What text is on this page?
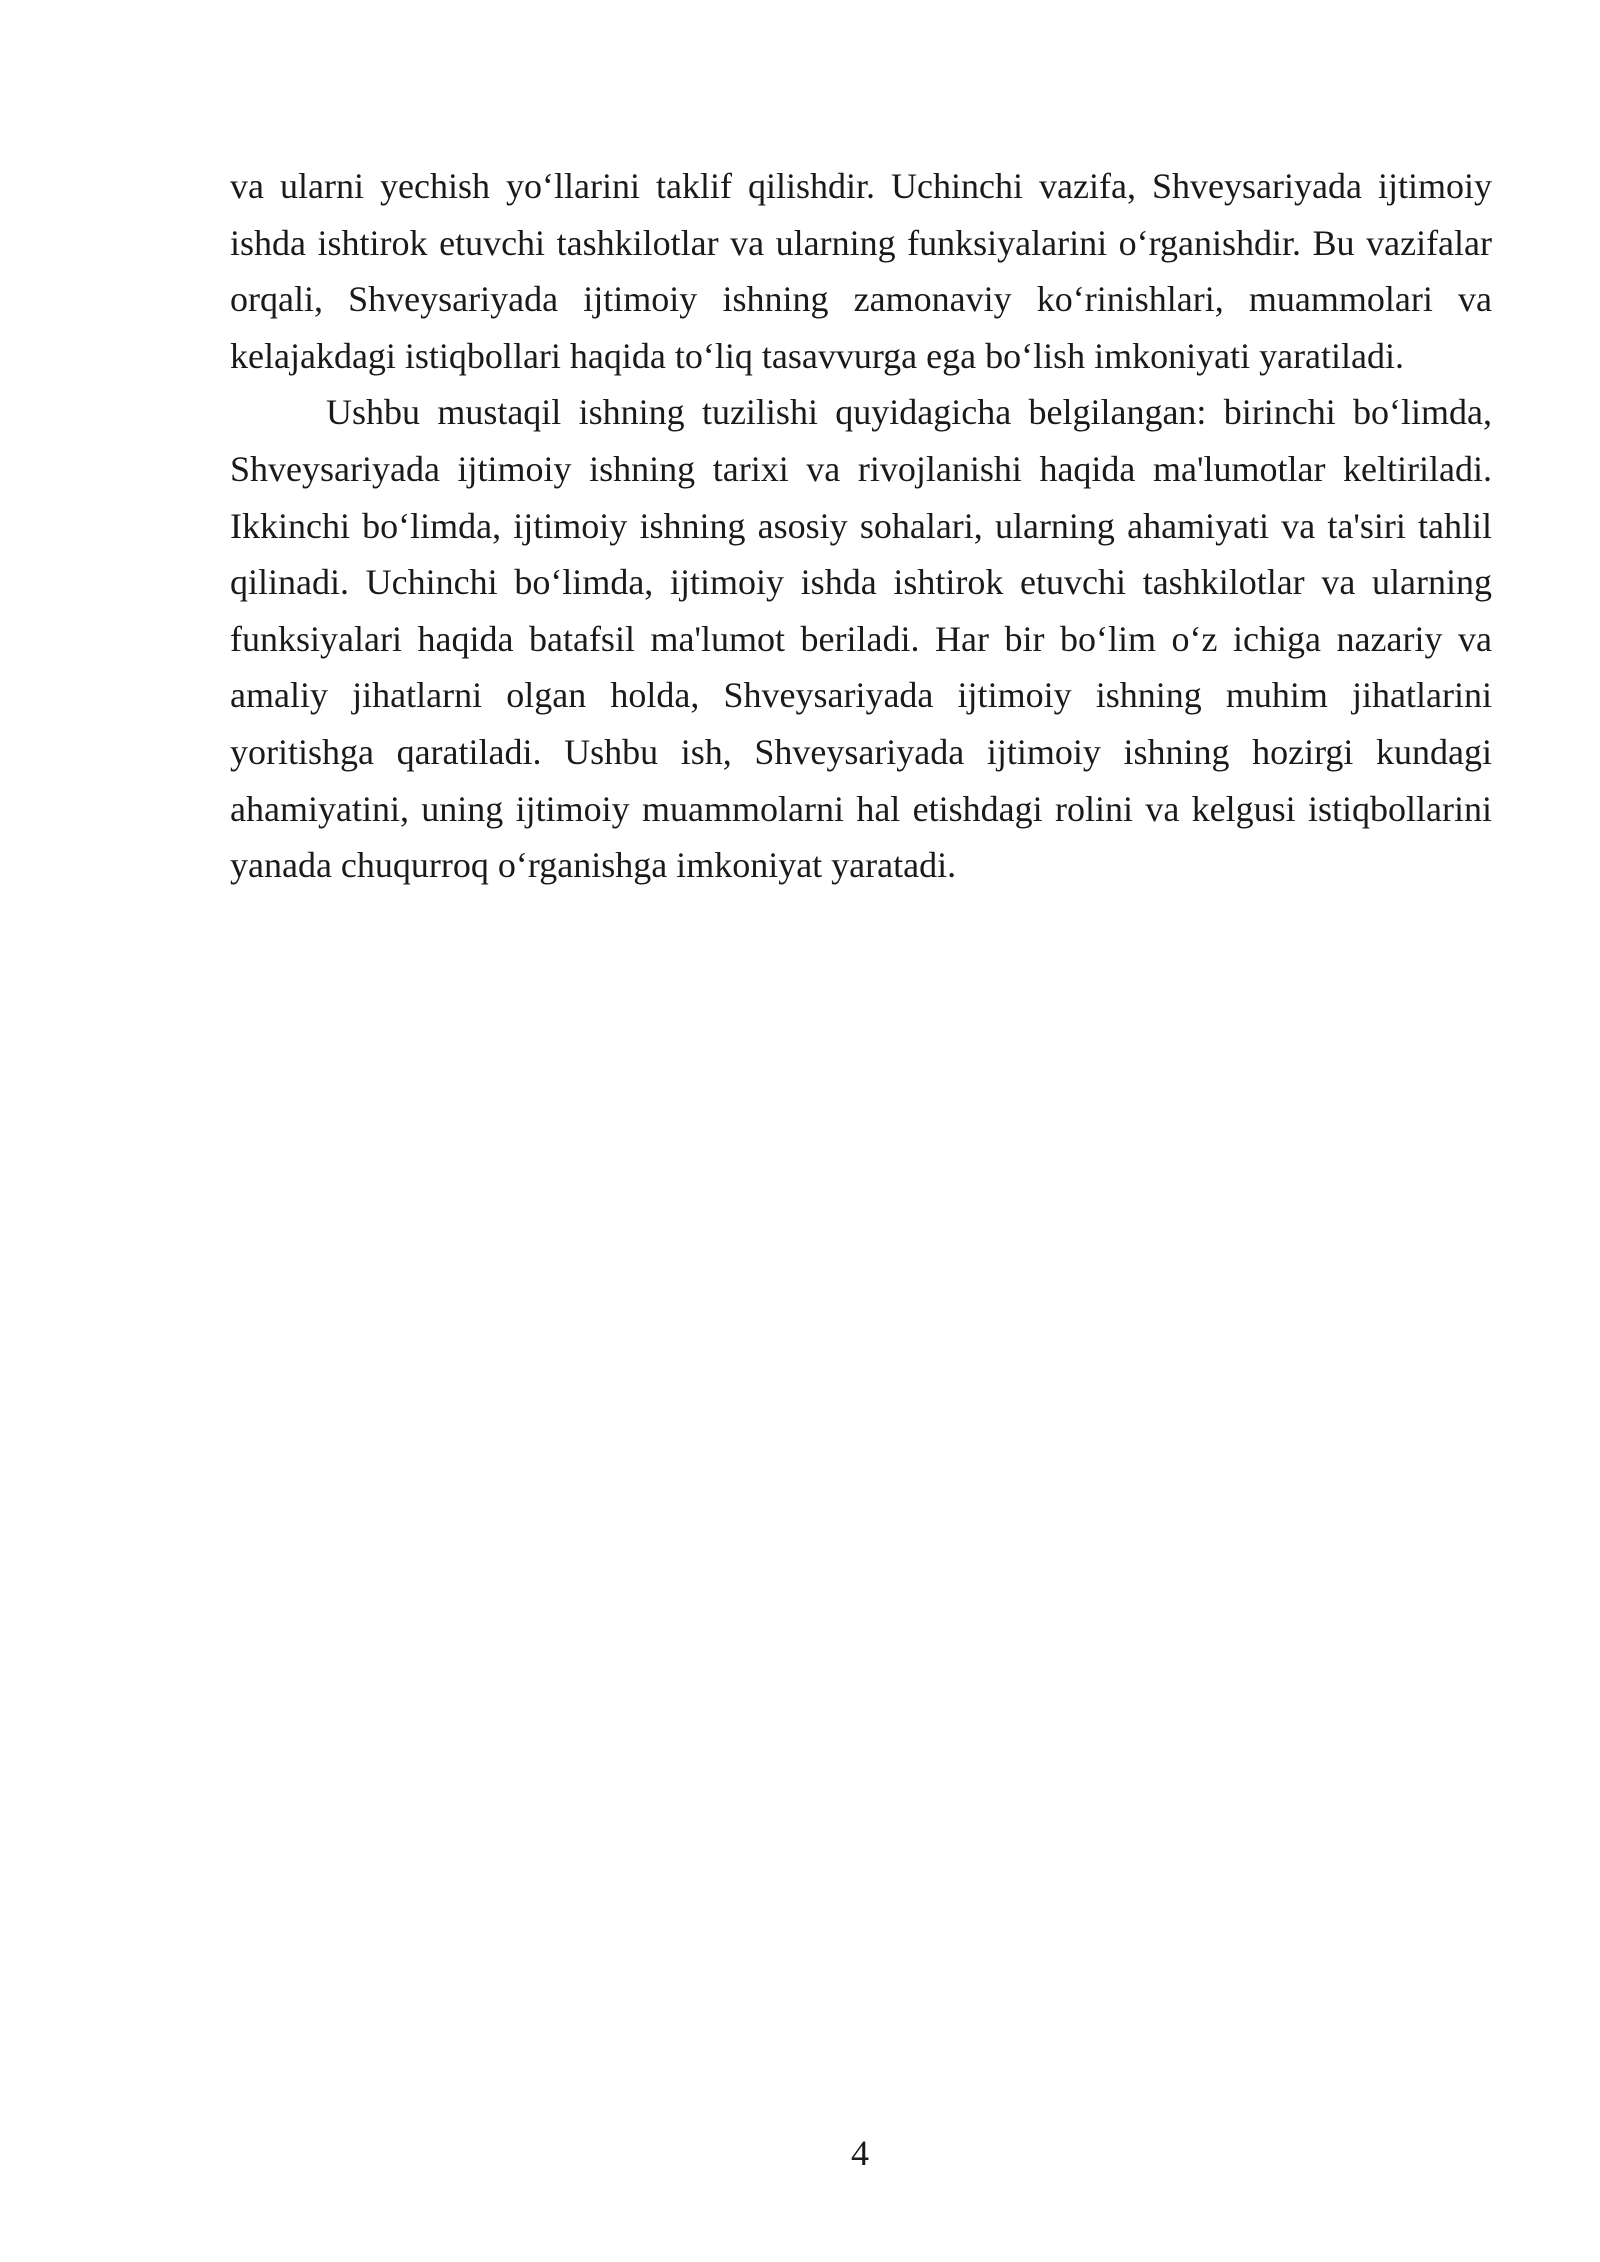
va ularni yechish yo‘llarini taklif qilishdir. Uchinchi vazifa, Shveysariyada ijtimoiy ishda ishtirok etuvchi tashkilotlar va ularning funksiyalarini o‘rganishdir. Bu vazifalar orqali, Shveysariyada ijtimoiy ishning zamonaviy ko‘rinishlari, muammolari va kelajakdagi istiqbollari haqida to‘liq tasavvurga ega bo‘lish imkoniyati yaratiladi.

Ushbu mustaqil ishning tuzilishi quyidagicha belgilangan: birinchi bo‘limda, Shveysariyada ijtimoiy ishning tarixi va rivojlanishi haqida ma'lumotlar keltiriladi. Ikkinchi bo‘limda, ijtimoiy ishning asosiy sohalari, ularning ahamiyati va ta'siri tahlil qilinadi. Uchinchi bo‘limda, ijtimoiy ishda ishtirok etuvchi tashkilotlar va ularning funksiyalari haqida batafsil ma'lumot beriladi. Har bir bo‘lim o‘z ichiga nazariy va amaliy jihatlarni olgan holda, Shveysariyada ijtimoiy ishning muhim jihatlarini yoritishga qaratiladi. Ushbu ish, Shveysariyada ijtimoiy ishning hozirgi kundagi ahamiyatini, uning ijtimoiy muammolarni hal etishdagi rolini va kelgusi istiqbollarini yanada chuqurroq o‘rganishga imkoniyat yaratadi.

4
